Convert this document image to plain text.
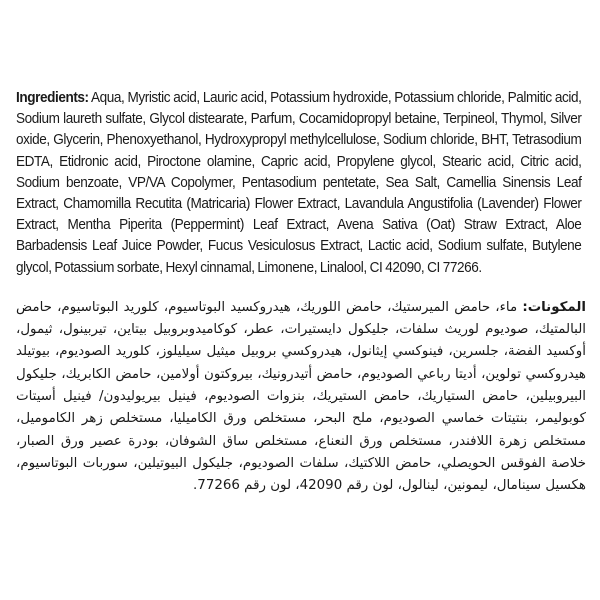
Ingredients: Aqua, Myristic acid, Lauric acid, Potassium hydroxide, Potassium chloride, Palmitic acid, Sodium laureth sulfate, Glycol distearate, Parfum, Cocamidopropyl betaine, Terpineol, Thymol, Silver oxide, Glycerin, Phenoxyethanol, Hydroxypropyl methylcellulose, Sodium chloride, BHT, Tetrasodium EDTA, Etidronic acid, Piroctone olamine, Capric acid, Propylene glycol, Stearic acid, Citric acid, Sodium benzoate, VP/VA Copolymer, Pentasodium pentetate, Sea Salt, Camellia Sinensis Leaf Extract, Chamomilla Recutita (Matricaria) Flower Extract, Lavandula Angustifolia (Lavender) Flower Extract, Mentha Piperita (Peppermint) Leaf Extract, Avena Sativa (Oat) Straw Extract, Aloe Barbadensis Leaf Juice Powder, Fucus Vesiculosus Extract, Lactic acid, Sodium sulfate, Butylene glycol, Potassium sorbate, Hexyl cinnamal, Limonene, Linalool, CI 42090, CI 77266.

المكونات: ماء، حامض الميرستيك، حامض اللوريك، هيدروكسيد البوتاسيوم، كلوريد البوتاسيوم، حامض البالمتيك، صوديوم لوريث سلفات، جليكول دايستيرات، عطر، كوكاميدوبروبيل بيتاين، تيربينول، ثيمول، أوكسيد الفضة، جلسرين، فينوكسي إيثانول، هيدروكسي بروبيل ميثيل سيليلوز، كلوريد الصوديوم، بيوتيلد هيدروكسي تولوين، أديتا رباعي الصوديوم، حامض أتيدرونيك، بيروكتون أولامين، حامض الكابريك، جليكول البيروبيلين، حامض الستياريك، حامض الستيريك، بنزوات الصوديوم، فينيل بيريوليدون/ فينيل أسيتات كوبوليمر، بنتيتات خماسي الصوديوم، ملح البحر، مستخلص ورق الكاميليا، مستخلص زهر الكاموميل، مستخلص زهرة اللافندر، مستخلص ورق النعناع، مستخلص ساق الشوفان، بودرة عصير ورق الصبار، خلاصة الفوقس الحويصلي، حامض اللاكتيك، سلفات الصوديوم، جليكول البيوتيلين، سوربات البوتاسيوم، هكسيل سينامال، ليمونين، لينالول، لون رقم 42090، لون رقم 77266.
